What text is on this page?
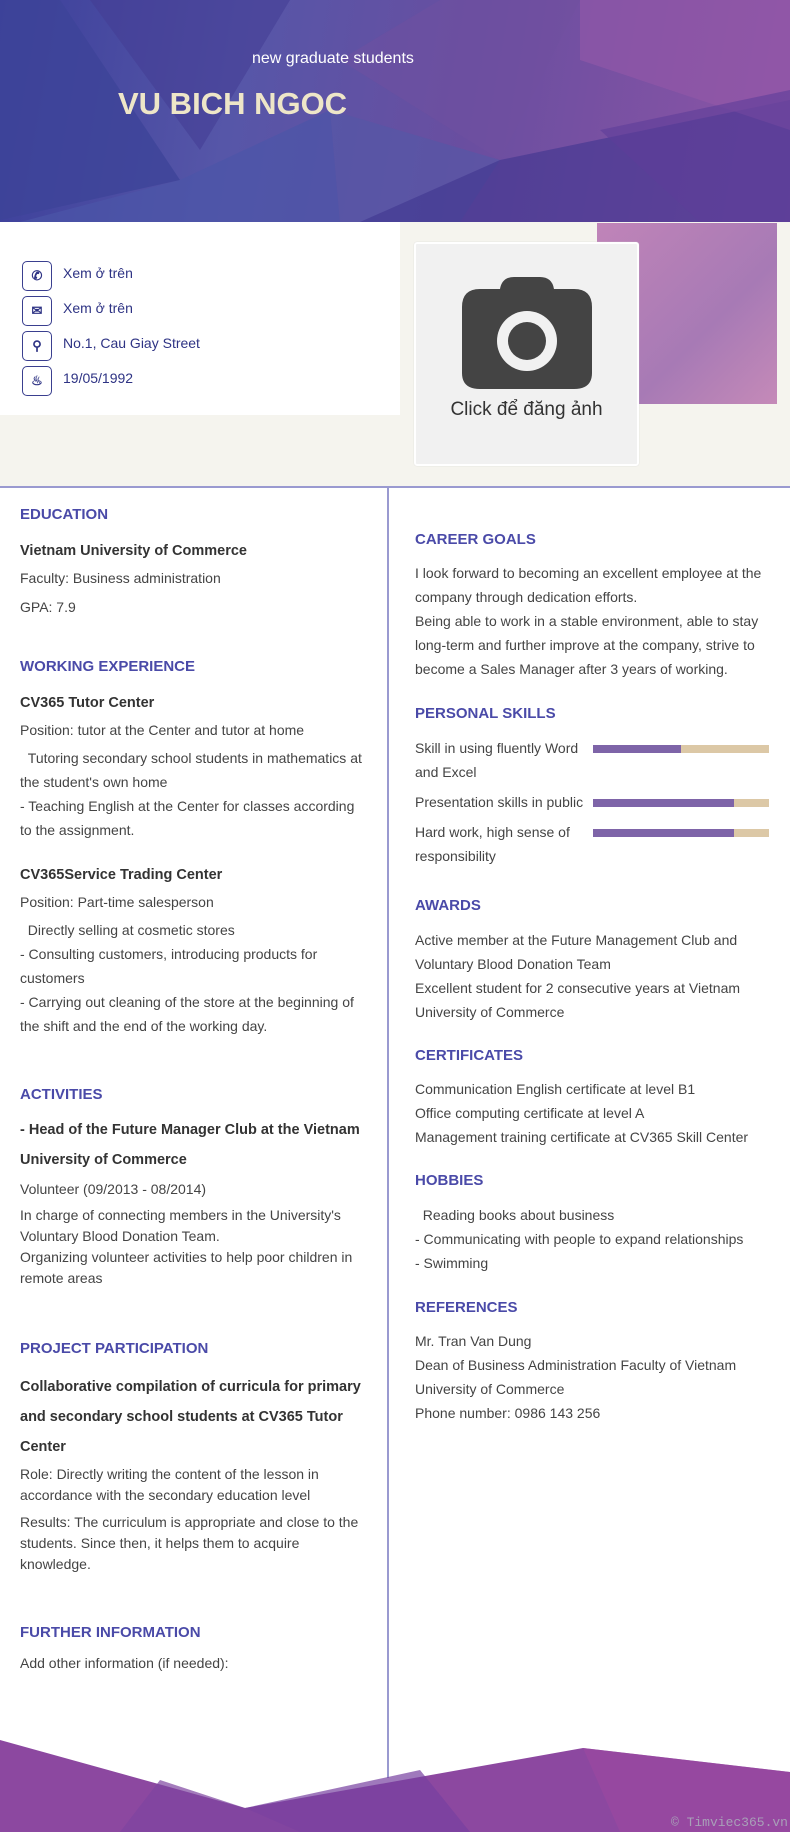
new graduate students
VU BICH NGOC
✆	Xem ở trên
✉	Xem ở trên
⚲	No.1, Cau Giay Street
♨	19/05/1992
Click để đăng ảnh
EDUCATION
Vietnam University of Commerce
Faculty: Business administration
GPA: 7.9
WORKING EXPERIENCE
CV365 Tutor Center
Position: tutor at the Center and tutor at home
Tutoring secondary school students in mathematics at the student's own home
- Teaching English at the Center for classes according to the assignment.
CV365Service Trading Center
Position: Part-time salesperson
Directly selling at cosmetic stores
- Consulting customers, introducing products for customers
- Carrying out cleaning of the store at the beginning of the shift and the end of the working day.
ACTIVITIES
- Head of the Future Manager Club at the Vietnam University of Commerce
Volunteer (09/2013 - 08/2014)
In charge of connecting members in the University's Voluntary Blood Donation Team.
Organizing volunteer activities to help poor children in remote areas
PROJECT PARTICIPATION
Collaborative compilation of curricula for primary and secondary school students at CV365 Tutor Center
Role: Directly writing the content of the lesson in accordance with the secondary education level
Results: The curriculum is appropriate and close to the students. Since then, it helps them to acquire knowledge.
FURTHER INFORMATION
Add other information (if needed):
CAREER GOALS
I look forward to becoming an excellent employee at the company through dedication efforts.
Being able to work in a stable environment, able to stay long-term and further improve at the company, strive to become a Sales Manager after 3 years of working.
PERSONAL SKILLS
Skill in using fluently Word and Excel
Presentation skills in public
Hard work, high sense of responsibility
AWARDS
Active member at the Future Management Club and Voluntary Blood Donation Team
Excellent student for 2 consecutive years at Vietnam University of Commerce
CERTIFICATES
Communication English certificate at level B1
Office computing certificate at level A
Management training certificate at CV365 Skill Center
HOBBIES
Reading books about business
- Communicating with people to expand relationships
- Swimming
REFERENCES
Mr. Tran Van Dung
Dean of Business Administration Faculty of Vietnam University of Commerce
Phone number: 0986 143 256
© Timviec365.vn
